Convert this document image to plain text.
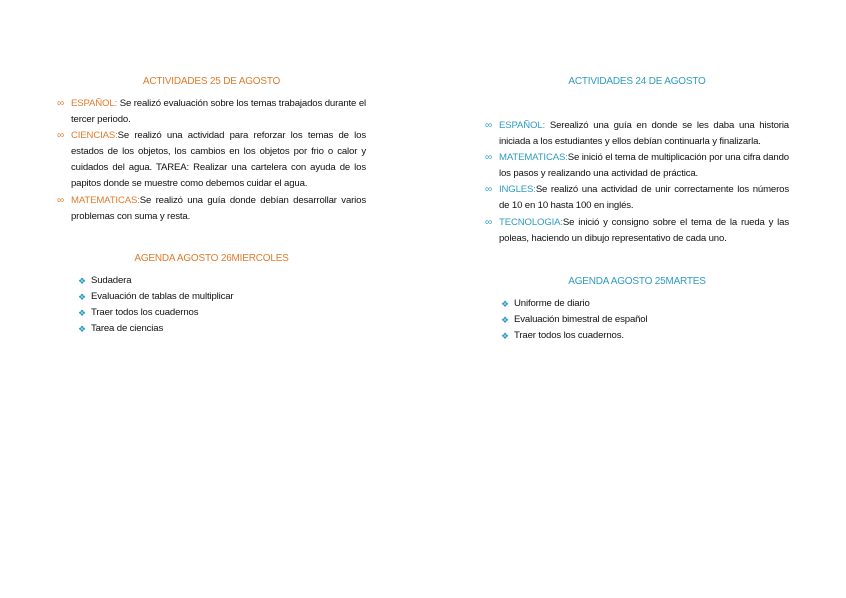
ACTIVIDADES 25 DE AGOSTO
∞ ESPAÑOL: Se realizó evaluación sobre los temas trabajados durante el tercer periodo.
∞ CIENCIAS:Se realizó una actividad para reforzar los temas de los estados de los objetos, los cambios en los objetos por frio o calor y cuidados del agua. TAREA: Realizar una cartelera con ayuda de los papitos donde se muestre como debemos cuidar el agua.
∞ MATEMATICAS:Se realizó una guía donde debían desarrollar varios problemas con suma y resta.
AGENDA AGOSTO 26MIERCOLES
❖ Sudadera
❖ Evaluación de tablas de multiplicar
❖ Traer todos los cuadernos
❖ Tarea de ciencias
ACTIVIDADES 24 DE AGOSTO
∞ ESPAÑOL: Serealizó una guía en donde se les daba una historia iniciada a los estudiantes y ellos debían continuarla y finalizarla.
∞ MATEMATICAS:Se inició el tema de multiplicación por una cifra dando los pasos y realizando una actividad de práctica.
∞ INGLES:Se realizó una actividad de unir correctamente los números de 10 en 10 hasta 100 en inglés.
∞ TECNOLOGIA:Se inició y consigno sobre el tema de la rueda y las poleas, haciendo un dibujo representativo de cada uno.
AGENDA AGOSTO 25MARTES
❖ Uniforme de diario
❖ Evaluación bimestral de español
❖ Traer todos los cuadernos.
